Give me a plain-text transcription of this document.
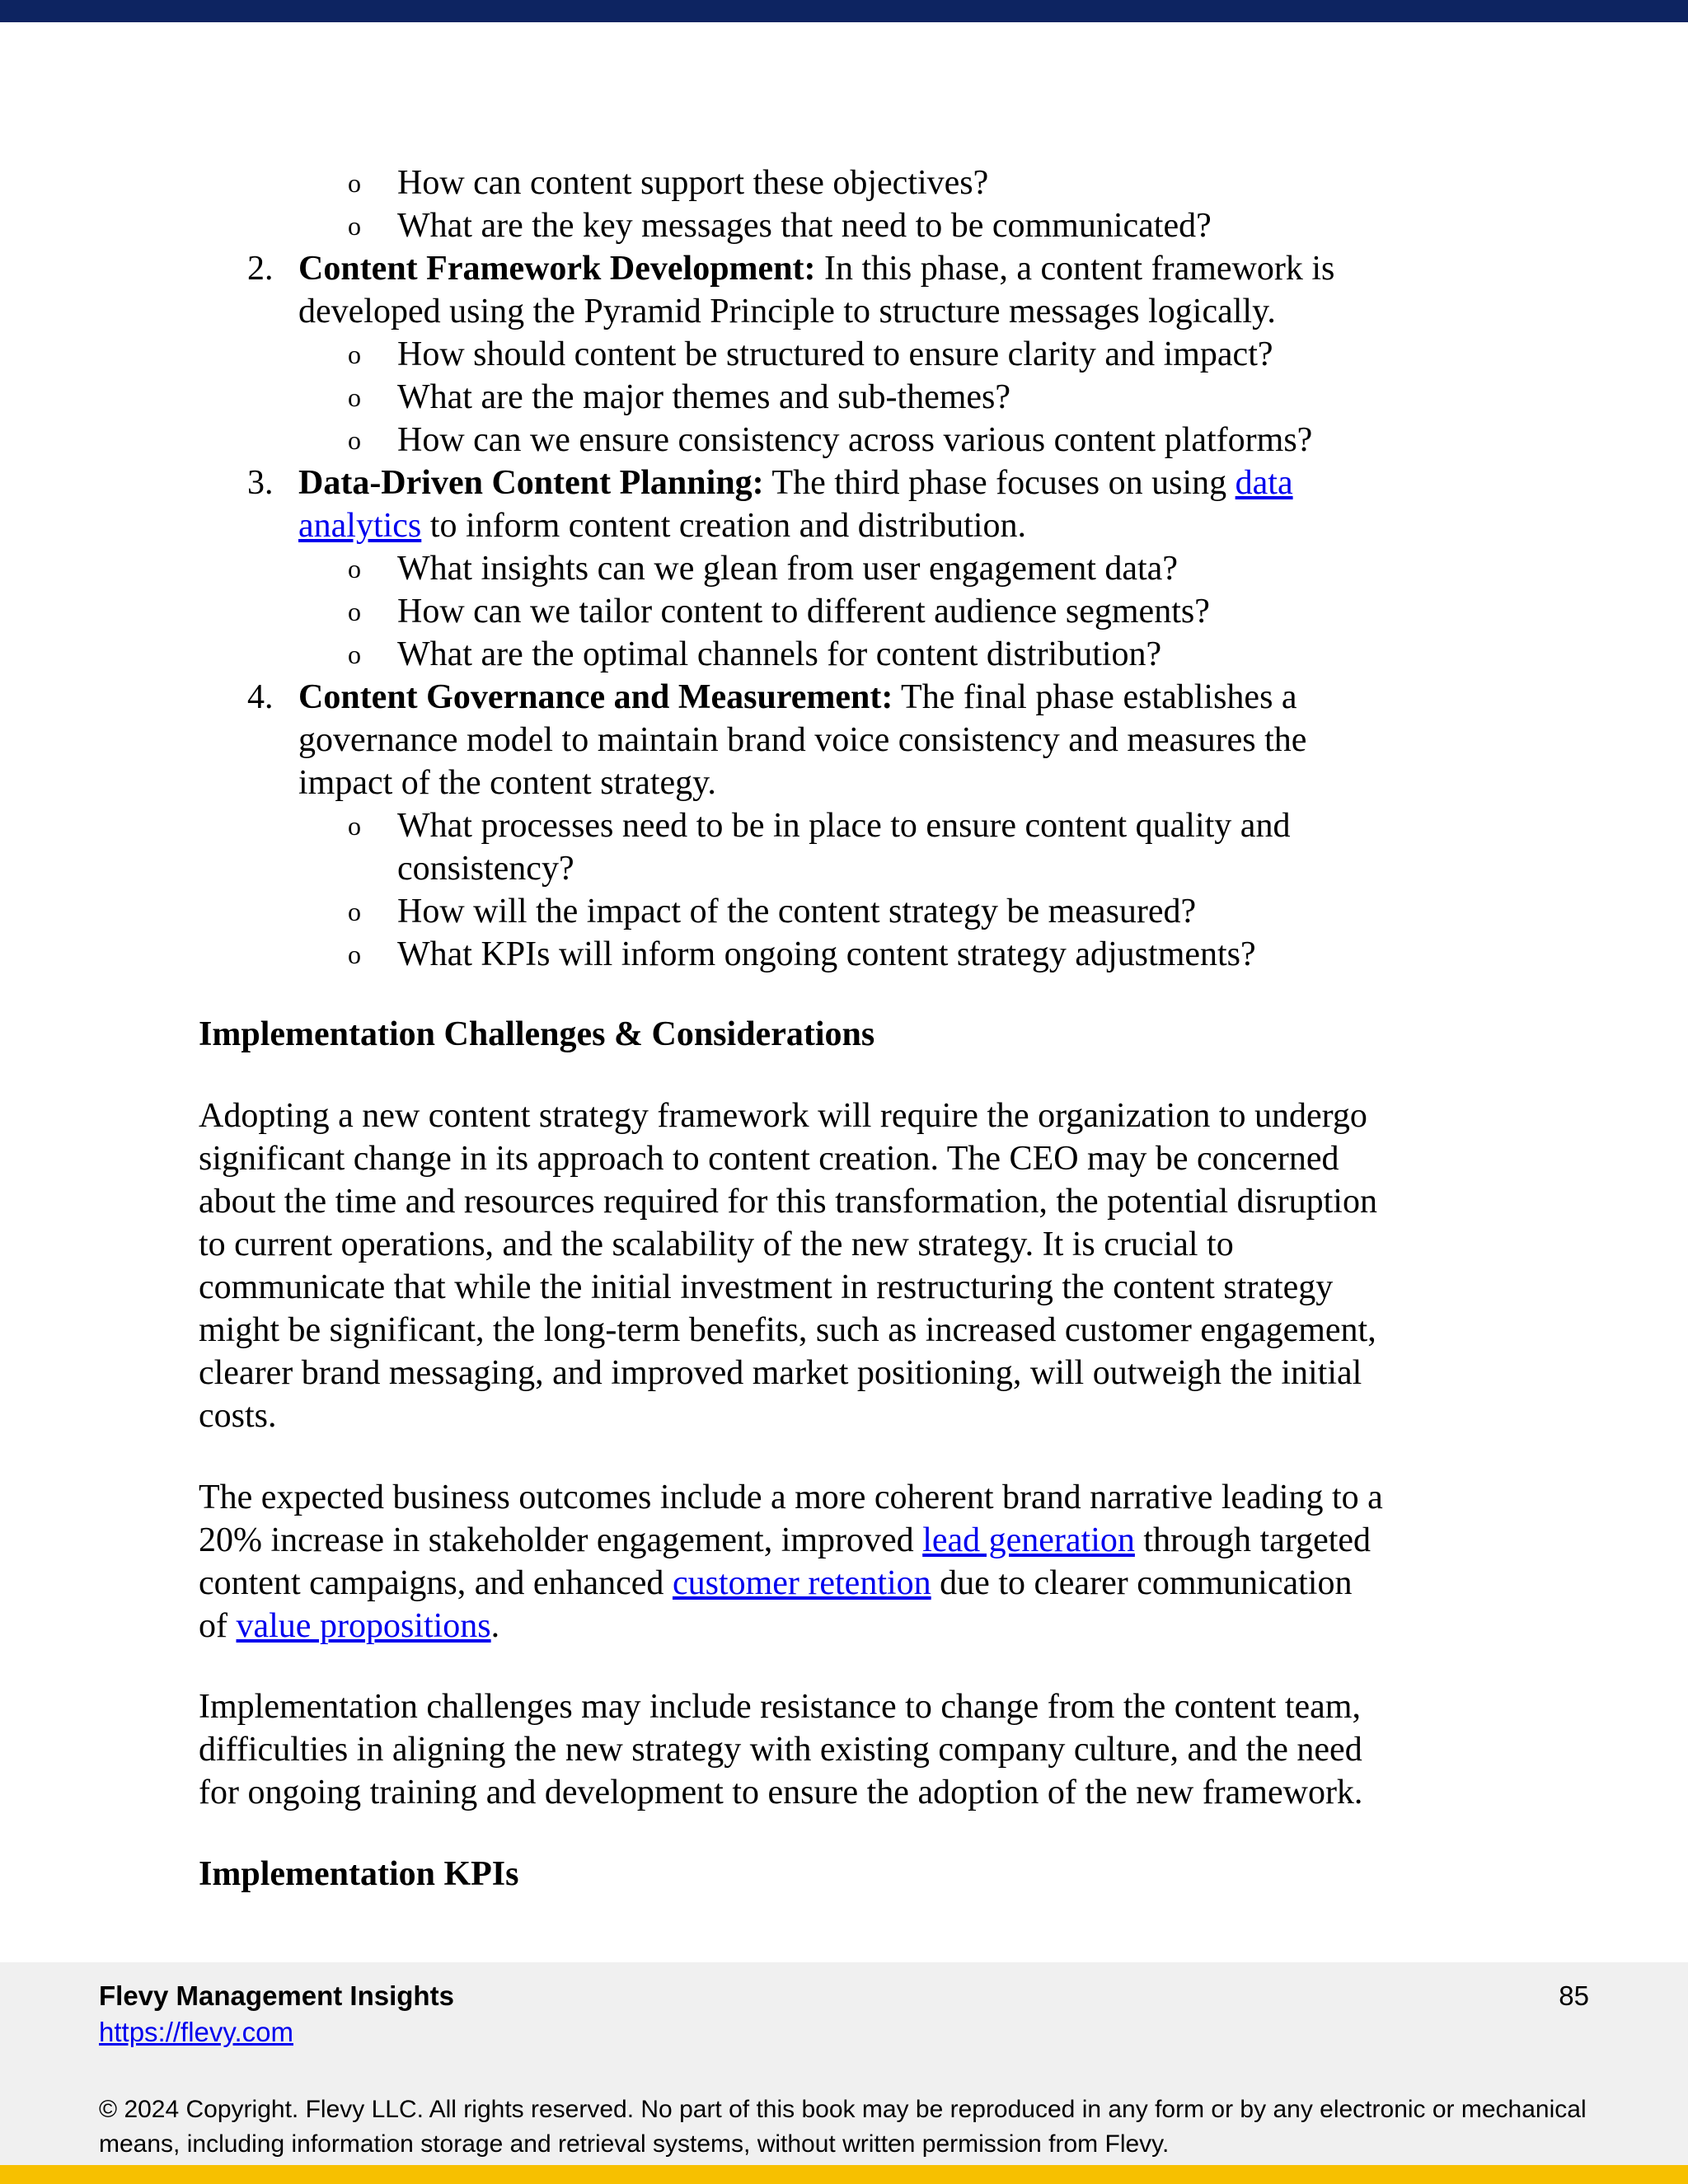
o How can content support these objectives?
o What are the key messages that need to be communicated?
2. Content Framework Development: In this phase, a content framework is
developed using the Pyramid Principle to structure messages logically.
o How should content be structured to ensure clarity and impact?
o What are the major themes and sub-themes?
o How can we ensure consistency across various content platforms?
3. Data-Driven Content Planning: The third phase focuses on using data
analytics to inform content creation and distribution.
o What insights can we glean from user engagement data?
o How can we tailor content to different audience segments?
o What are the optimal channels for content distribution?
4. Content Governance and Measurement: The final phase establishes a
governance model to maintain brand voice consistency and measures the
impact of the content strategy.
o What processes need to be in place to ensure content quality and
consistency?
o How will the impact of the content strategy be measured?
o What KPIs will inform ongoing content strategy adjustments?
Implementation Challenges & Considerations
Adopting a new content strategy framework will require the organization to undergo
significant change in its approach to content creation. The CEO may be concerned
about the time and resources required for this transformation, the potential disruption
to current operations, and the scalability of the new strategy. It is crucial to
communicate that while the initial investment in restructuring the content strategy
might be significant, the long-term benefits, such as increased customer engagement,
clearer brand messaging, and improved market positioning, will outweigh the initial
costs.
The expected business outcomes include a more coherent brand narrative leading to a
20% increase in stakeholder engagement, improved lead generation through targeted
content campaigns, and enhanced customer retention due to clearer communication
of value propositions.
Implementation challenges may include resistance to change from the content team,
difficulties in aligning the new strategy with existing company culture, and the need
for ongoing training and development to ensure the adoption of the new framework.
Implementation KPIs
Flevy Management Insights
https://flevy.com
85
© 2024 Copyright. Flevy LLC. All rights reserved. No part of this book may be reproduced in any form or by any electronic or mechanical means, including information storage and retrieval systems, without written permission from Flevy.
